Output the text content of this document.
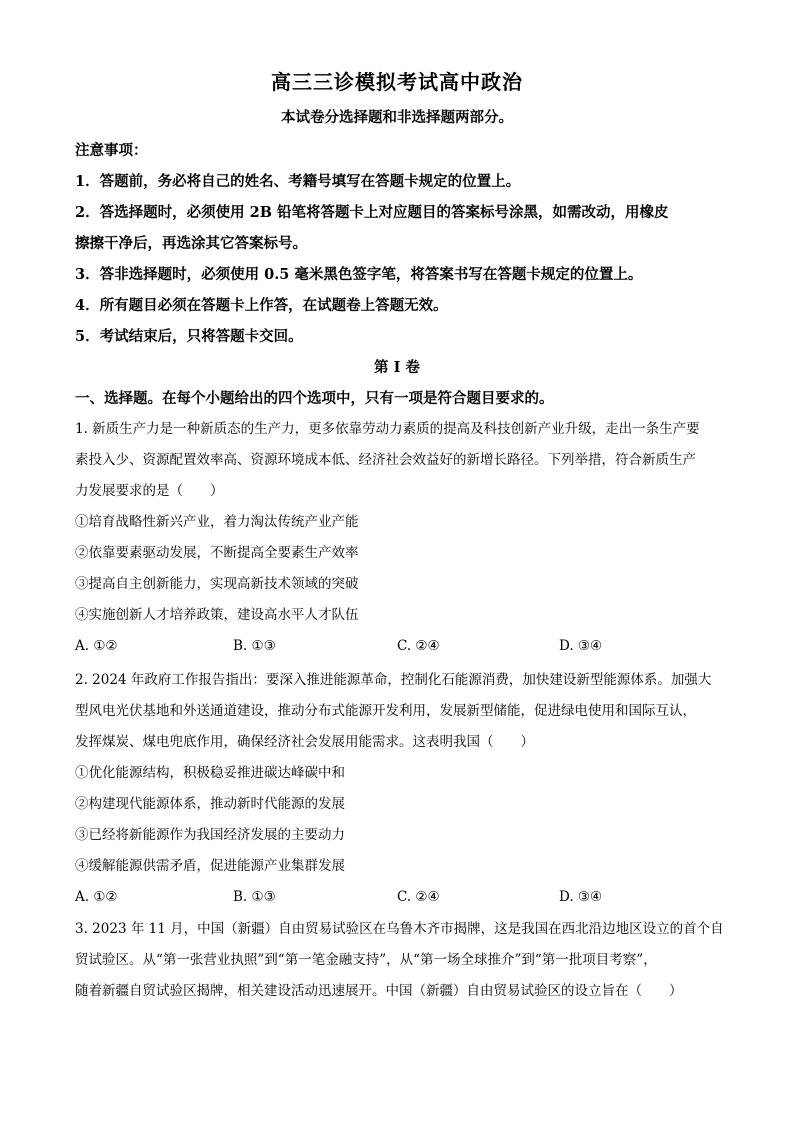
高三三诊模拟考试高中政治
本试卷分选择题和非选择题两部分。
注意事项：
1．答题前，务必将自己的姓名、考籍号填写在答题卡规定的位置上。
2．答选择题时，必须使用 2B 铅笔将答题卡上对应题目的答案标号涂黑，如需改动，用橡皮
擦擦干净后，再选涂其它答案标号。
3．答非选择题时，必须使用 0.5 毫米黑色签字笔，将答案书写在答题卡规定的位置上。
4．所有题目必须在答题卡上作答，在试题卷上答题无效。
5．考试结束后，只将答题卡交回。
第 I 卷
一、选择题。在每个小题给出的四个选项中，只有一项是符合题目要求的。
1. 新质生产力是一种新质态的生产力，更多依靠劳动力素质的提高及科技创新产业升级，走出一条生产要
素投入少、资源配置效率高、资源环境成本低、经济社会效益好的新增长路径。下列举措，符合新质生产
力发展要求的是（　　）
①培育战略性新兴产业，着力淘汰传统产业产能
②依靠要素驱动发展，不断提高全要素生产效率
③提高自主创新能力，实现高新技术领域的突破
④实施创新人才培养政策，建设高水平人才队伍
A. ①②	B. ①③	C. ②④	D. ③④
2. 2024 年政府工作报告指出：要深入推进能源革命，控制化石能源消费，加快建设新型能源体系。加强大
型风电光伏基地和外送通道建设，推动分布式能源开发利用，发展新型储能，促进绿电使用和国际互认，
发挥煤炭、煤电兜底作用，确保经济社会发展用能需求。这表明我国（　　）
①优化能源结构，积极稳妥推进碳达峰碳中和
②构建现代能源体系，推动新时代能源的发展
③已经将新能源作为我国经济发展的主要动力
④缓解能源供需矛盾，促进能源产业集群发展
A. ①②	B. ①③	C. ②④	D. ③④
3. 2023 年 11 月，中国（新疆）自由贸易试验区在乌鲁木齐市揭牌，这是我国在西北沿边地区设立的首个自
贸试验区。从“第一张营业执照”到“第一笔金融支持”，从“第一场全球推介”到“第一批项目考察”，
随着新疆自贸试验区揭牌，相关建设活动迅速展开。中国（新疆）自由贸易试验区的设立旨在（　　）
